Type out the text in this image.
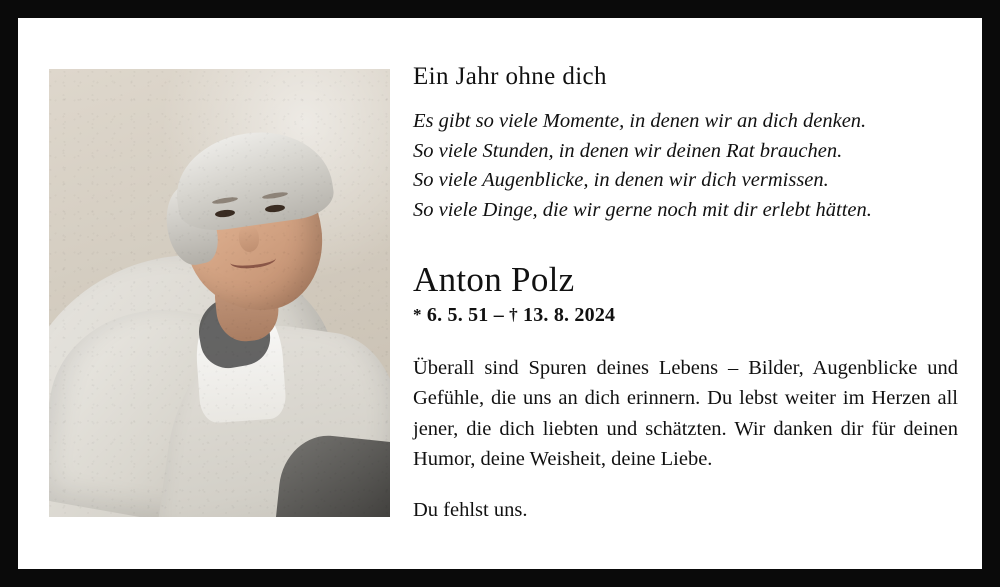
Ein Jahr ohne dich
Es gibt so viele Momente, in denen wir an dich denken.
So viele Stunden, in denen wir deinen Rat brauchen.
So viele Augenblicke, in denen wir dich vermissen.
So viele Dinge, die wir gerne noch mit dir erlebt hätten.
Anton Polz
* 6. 5. 51 – † 13. 8. 2024

Überall sind Spuren deines Lebens – Bilder, Augenblicke und Gefühle, die uns an dich erinnern. Du lebst weiter im Herzen all jener, die dich liebten und schätzten. Wir danken dir für deinen Humor, deine Weisheit, deine Liebe.

Du fehlst uns.
